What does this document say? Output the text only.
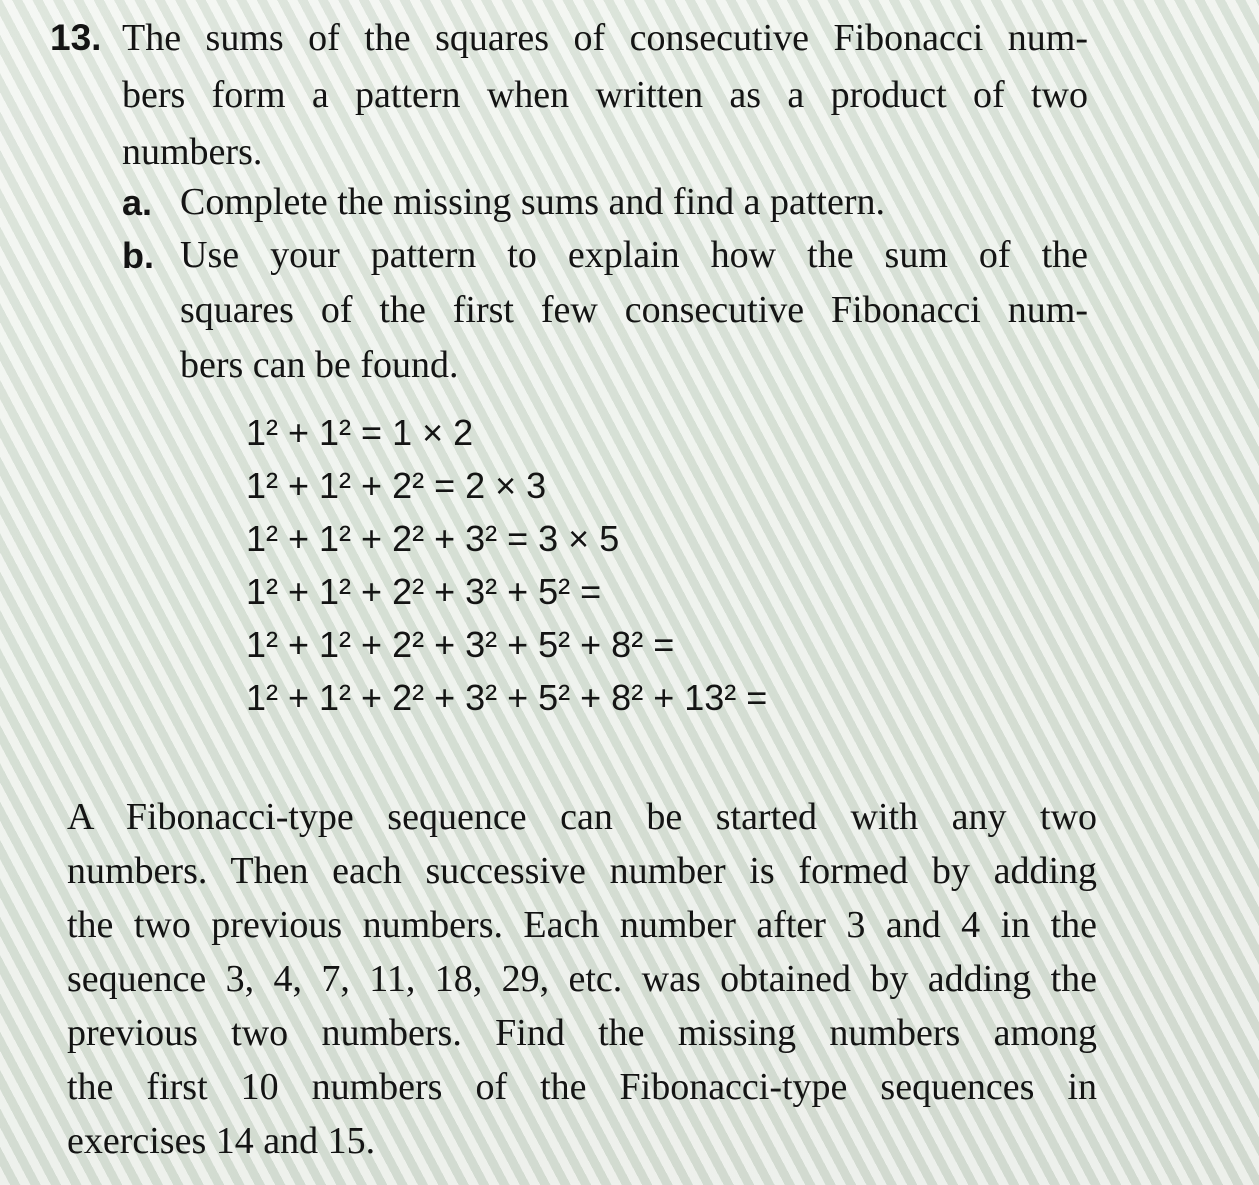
13. The sums of the squares of consecutive Fibonacci num-
bers form a pattern when written as a product of two
numbers.
a. Complete the missing sums and find a pattern.
b. Use your pattern to explain how the sum of the
squares of the first few consecutive Fibonacci num-
bers can be found.
1² + 1² = 1 × 2
1² + 1² + 2² = 2 × 3
1² + 1² + 2² + 3² = 3 × 5
1² + 1² + 2² + 3² + 5² =
1² + 1² + 2² + 3² + 5² + 8² =
1² + 1² + 2² + 3² + 5² + 8² + 13² =
A Fibonacci-type sequence can be started with any two
numbers. Then each successive number is formed by adding
the two previous numbers. Each number after 3 and 4 in the
sequence 3, 4, 7, 11, 18, 29, etc. was obtained by adding the
previous two numbers. Find the missing numbers among
the first 10 numbers of the Fibonacci-type sequences in
exercises 14 and 15.
